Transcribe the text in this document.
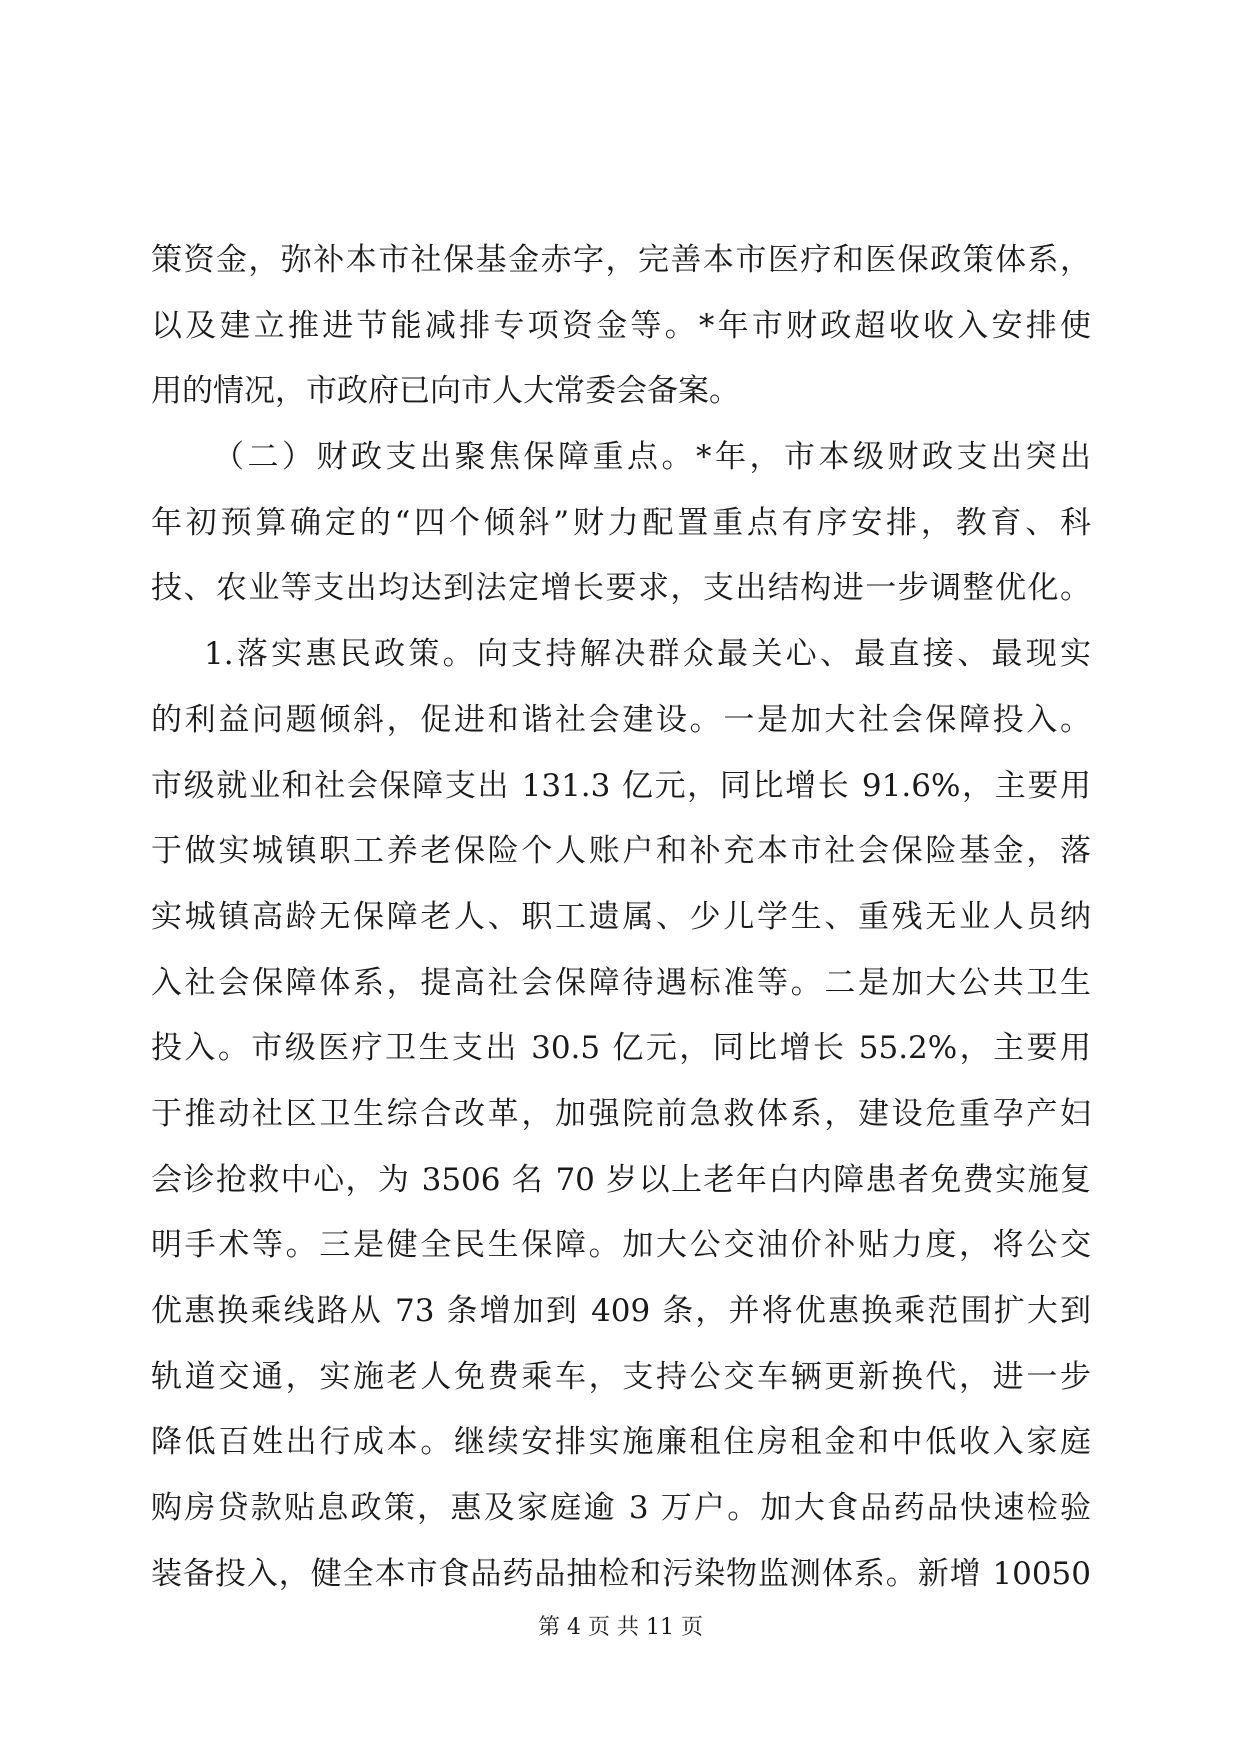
策资金，弥补本市社保基金赤字，完善本市医疗和医保政策体系，
以及建立推进节能减排专项资金等。*年市财政超收收入安排使
用的情况，市政府已向市人大常委会备案。
（二）财政支出聚焦保障重点。*年，市本级财政支出突出
年初预算确定的“四个倾斜”财力配置重点有序安排，教育、科
技、农业等支出均达到法定增长要求，支出结构进一步调整优化。
1.落实惠民政策。向支持解决群众最关心、最直接、最现实
的利益问题倾斜，促进和谐社会建设。一是加大社会保障投入。
市级就业和社会保障支出 131.3 亿元，同比增长 91.6%，主要用
于做实城镇职工养老保险个人账户和补充本市社会保险基金，落
实城镇高龄无保障老人、职工遗属、少儿学生、重残无业人员纳
入社会保障体系，提高社会保障待遇标准等。二是加大公共卫生
投入。市级医疗卫生支出 30.5 亿元，同比增长 55.2%，主要用
于推动社区卫生综合改革，加强院前急救体系，建设危重孕产妇
会诊抢救中心，为 3506 名 70 岁以上老年白内障患者免费实施复
明手术等。三是健全民生保障。加大公交油价补贴力度，将公交
优惠换乘线路从 73 条增加到 409 条，并将优惠换乘范围扩大到
轨道交通，实施老人免费乘车，支持公交车辆更新换代，进一步
降低百姓出行成本。继续安排实施廉租住房租金和中低收入家庭
购房贷款贴息政策，惠及家庭逾 3 万户。加大食品药品快速检验
装备投入，健全本市食品药品抽检和污染物监测体系。新增 10050
第 4 页 共 11 页
